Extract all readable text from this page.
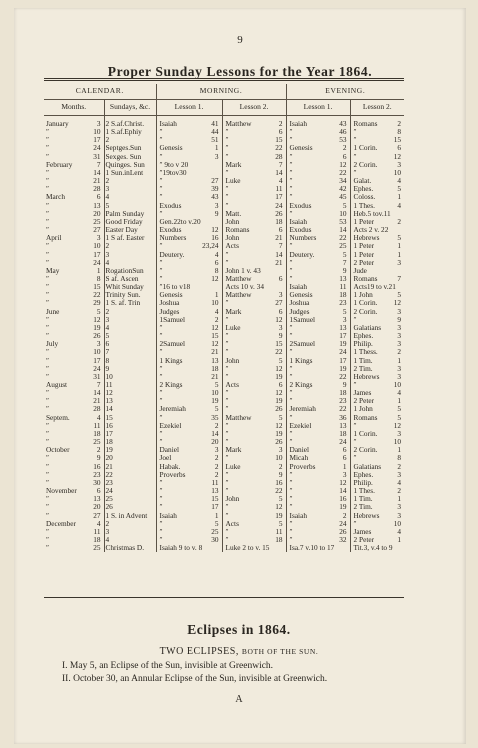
9
Proper Sunday Lessons for the Year 1864.
CALENDAR.			MORNING.				EVENING.			
Months.		Sundays, &c.	Lesson 1.		Lesson 2.		Lesson 1.		Lesson 2.	
January	3	2 S.af.Christ.	Isaiah	41	Matthew	2	Isaiah	43	Romans	2
″	10	1 S.af.Ephiy	″	44	″	6	″	46	″	8
″	17	2	″	51	″	15	″	53	″	15
″	24	Septges.Sun	Genesis	1	″	22	Genesis	2	1 Corin.	6
″	31	Sexges. Sun	″	3	″	28	″	6	″	12
February	7	Quinges. Sun	″ 9to v 20		Mark	7	″	12	2 Corin.	3
″	14	1 Sun.inLent	″19tov30		″	14	″	22	″	10
″	21	2	″	27	Luke	4	″	34	Galat.	4
″	28	3	″	39	″	11	″	42	Ephes.	5
March	6	4	″	43	″	17	″	45	Coloss.	1
″	13	5	Exodus	3	″	24	Exodus	5	1 Thes.	4
″	20	Palm Sunday	″	9	Matt.	26	″	10	Heb.5 tov.11	
″	25	Good Friday	Gen.22to v.20		John	18	Isaiah	53	1 Peter	2
″	27	Easter Day	Exodus	12	Romans	6	Exodus	14	Acts 2 v. 22	
April	3	1 S af. Easter	Numbers	16	John	21	Numbers	22	Hebrews	5
″	10	2	″	23,24	Acts	7	″	25	1 Peter	1
″	17	3	Deutery.	4	″	14	Deutery.	5	1 Peter	1
″	24	4	″	6	″	21	″	7	2 Peter	3
May	1	RogationSun	″	8	John 1 v. 43		″	9	Jude	
″	8	S af. Ascen	″	12	Matthew	6	″	13	Romans	7
″	15	Whit Sunday	″16 to v18		Acts 10 v. 34		Isaiah	11	Acts19 to v.21	
″	22	Trinity Sun.	Genesis	1	Matthew	3	Genesis	18	1 John	5
″	29	1 S. af. Trin	Joshua	10	″	27	Joshua	23	1 Corin.	12
June	5	2	Judges	4	Mark	6	Judges	5	2 Corin.	3
″	12	3	1Samuel	2	″	12	1Samuel	3	″	9
″	19	4	″	12	Luke	3	″	13	Galatians	3
″	26	5	″	15	″	9	″	17	Ephes.	3
July	3	6	2Samuel	12	″	15	2Samuel	19	Philip.	3
″	10	7	″	21	″	22	″	24	1 Thess.	2
″	17	8	1 Kings	13	John	5	1 Kings	17	1 Tim.	1
″	24	9	″	18	″	12	″	19	2 Tim.	3
″	31	10	″	21	″	19	″	22	Hebrews	3
August	7	11	2 Kings	5	Acts	6	2 Kings	9	″	10
″	14	12	″	10	″	12	″	18	James	4
″	21	13	″	19	″	19	″	23	2 Peter	1
″	28	14	Jeremiah	5	″	26	Jeremiah	22	1 John	5
Septem.	4	15	″	35	Matthew	5	″	36	Romans	5
″	11	16	Ezekiel	2	″	12	Ezekiel	13	″	12
″	18	17	″	14	″	19	″	18	1 Corin.	3
″	25	18	″	20	″	26	″	24	″	10
October	2	19	Daniel	3	Mark	3	Daniel	6	2 Corin.	1
″	9	20	Joel	2	″	10	Micah	6	″	8
″	16	21	Habak.	2	Luke	2	Proverbs	1	Galatians	2
″	23	22	Proverbs	2	″	9	″	3	Ephes.	3
″	30	23	″	11	″	16	″	12	Philip.	4
November	6	24	″	13	″	22	″	14	1 Thes.	2
″	13	25	″	15	John	5	″	16	1 Tim.	1
″	20	26	″	17	″	12	″	19	2 Tim.	3
″	27	1 S. in Advent	Isaiah	1	″	19	Isaiah	2	Hebrews	3
December	4	2	″	5	Acts	5	″	24	″	10
″	11	3	″	25	″	11	″	26	James	4
″	18	4	″	30	″	18	″	32	2 Peter	1
″	25	Christmas D.	Isaiah 9 to v. 8		Luke 2 to v. 15		Isa.7 v.10 to 17		Tit.3, v.4 to 9	
Eclipses in 1864.
TWO ECLIPSES, BOTH OF THE SUN.
I. May 5, an Eclipse of the Sun, invisible at Greenwich.
II. October 30, an Annular Eclipse of the Sun, invisible at Greenwich.
A
